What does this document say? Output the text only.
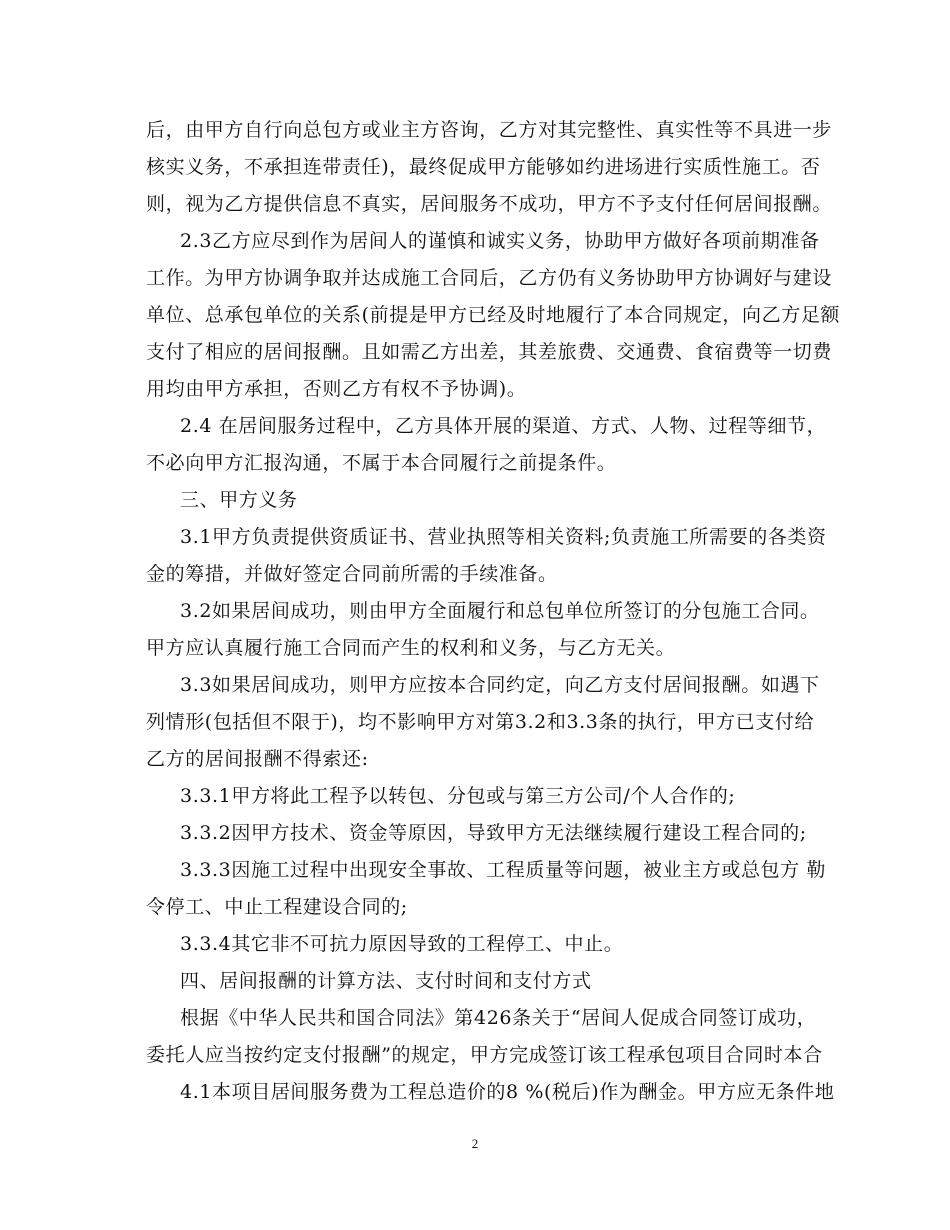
后，由甲方自行向总包方或业主方咨询，乙方对其完整性、真实性等不具进一步
核实义务，不承担连带责任)，最终促成甲方能够如约进场进行实质性施工。否
则，视为乙方提供信息不真实，居间服务不成功，甲方不予支付任何居间报酬。
2.3乙方应尽到作为居间人的谨慎和诚实义务，协助甲方做好各项前期准备
工作。为甲方协调争取并达成施工合同后，乙方仍有义务协助甲方协调好与建设
单位、总承包单位的关系(前提是甲方已经及时地履行了本合同规定，向乙方足额
支付了相应的居间报酬。且如需乙方出差，其差旅费、交通费、食宿费等一切费
用均由甲方承担，否则乙方有权不予协调)。
2.4 在居间服务过程中，乙方具体开展的渠道、方式、人物、过程等细节，
不必向甲方汇报沟通，不属于本合同履行之前提条件。
三、甲方义务
3.1甲方负责提供资质证书、营业执照等相关资料;负责施工所需要的各类资
金的筹措，并做好签定合同前所需的手续准备。
3.2如果居间成功，则由甲方全面履行和总包单位所签订的分包施工合同。
甲方应认真履行施工合同而产生的权利和义务，与乙方无关。
3.3如果居间成功，则甲方应按本合同约定，向乙方支付居间报酬。如遇下
列情形(包括但不限于)，均不影响甲方对第3.2和3.3条的执行，甲方已支付给
乙方的居间报酬不得索还:
3.3.1甲方将此工程予以转包、分包或与第三方公司/个人合作的;
3.3.2因甲方技术、资金等原因，导致甲方无法继续履行建设工程合同的;
3.3.3因施工过程中出现安全事故、工程质量等问题，被业主方或总包方 勒
令停工、中止工程建设合同的;
3.3.4其它非不可抗力原因导致的工程停工、中止。
四、居间报酬的计算方法、支付时间和支付方式
根据《中华人民共和国合同法》第426条关于“居间人促成合同签订成功，
委托人应当按约定支付报酬”的规定，甲方完成签订该工程承包项目合同时本合
4.1本项目居间服务费为工程总造价的8 %(税后)作为酬金。甲方应无条件地
2
